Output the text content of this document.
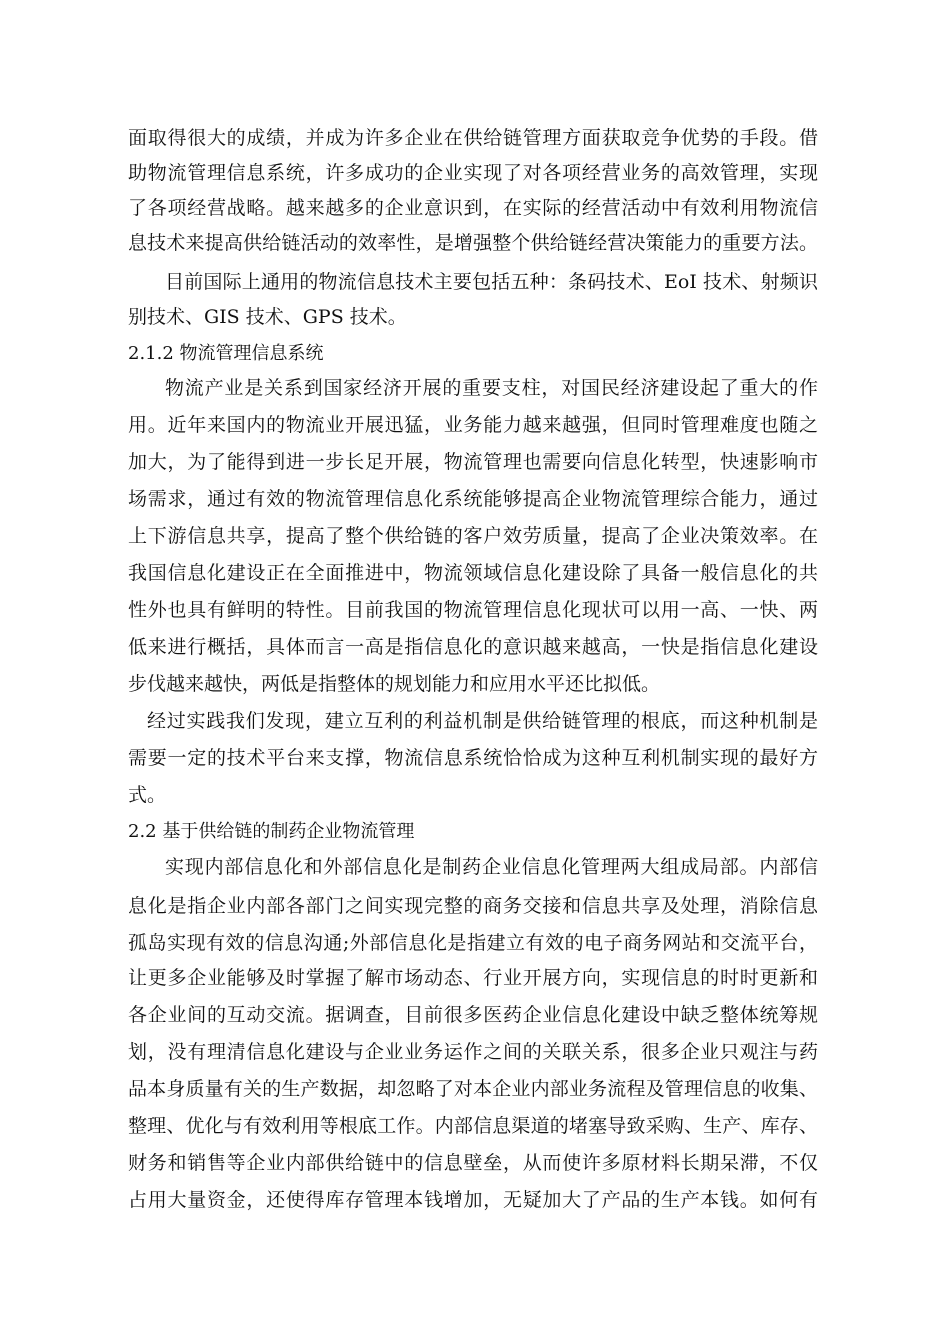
面取得很大的成绩，并成为许多企业在供给链管理方面获取竞争优势的手段。借
助物流管理信息系统，许多成功的企业实现了对各项经营业务的高效管理，实现
了各项经营战略。越来越多的企业意识到，在实际的经营活动中有效利用物流信
息技术来提高供给链活动的效率性，是增强整个供给链经营决策能力的重要方法。
目前国际上通用的物流信息技术主要包括五种：条码技术、EoI 技术、射频识
别技术、GIS 技术、GPS 技术。
2.1.2 物流管理信息系统
物流产业是关系到国家经济开展的重要支柱，对国民经济建设起了重大的作
用。近年来国内的物流业开展迅猛，业务能力越来越强，但同时管理难度也随之
加大，为了能得到进一步长足开展，物流管理也需要向信息化转型，快速影响市
场需求，通过有效的物流管理信息化系统能够提高企业物流管理综合能力，通过
上下游信息共享，提高了整个供给链的客户效劳质量，提高了企业决策效率。在
我国信息化建设正在全面推进中，物流领域信息化建设除了具备一般信息化的共
性外也具有鲜明的特性。目前我国的物流管理信息化现状可以用一高、一快、两
低来进行概括，具体而言一高是指信息化的意识越来越高，一快是指信息化建设
步伐越来越快，两低是指整体的规划能力和应用水平还比拟低。
经过实践我们发现，建立互利的利益机制是供给链管理的根底，而这种机制是
需要一定的技术平台来支撑，物流信息系统恰恰成为这种互利机制实现的最好方
式。
2.2 基于供给链的制药企业物流管理
实现内部信息化和外部信息化是制药企业信息化管理两大组成局部。内部信
息化是指企业内部各部门之间实现完整的商务交接和信息共享及处理，消除信息
孤岛实现有效的信息沟通;外部信息化是指建立有效的电子商务网站和交流平台，
让更多企业能够及时掌握了解市场动态、行业开展方向，实现信息的时时更新和
各企业间的互动交流。据调查，目前很多医药企业信息化建设中缺乏整体统筹规
划，没有理清信息化建设与企业业务运作之间的关联关系，很多企业只观注与药
品本身质量有关的生产数据，却忽略了对本企业内部业务流程及管理信息的收集、
整理、优化与有效利用等根底工作。内部信息渠道的堵塞导致采购、生产、库存、
财务和销售等企业内部供给链中的信息壁垒，从而使许多原材料长期呆滞，不仅
占用大量资金，还使得库存管理本钱增加，无疑加大了产品的生产本钱。如何有
